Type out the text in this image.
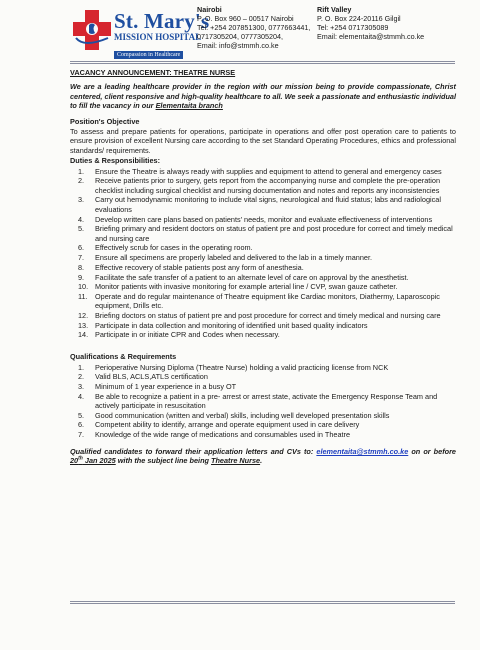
St. Mary's
MISSION HOSPITAL
Compassion in Healthcare
Nairobi
P. O. Box 960 – 00517 Nairobi
Tel: +254 207851300, 0777663441,
0717305204, 0777305204,
Email: info@stmmh.co.ke
Rift Valley
P. O. Box 224-20116 Gilgil
Tel: +254 0717305089
Email: elementaita@stmmh.co.ke
VACANCY ANNOUNCEMENT: THEATRE NURSE
We are a leading healthcare provider in the region with our mission being to provide compassionate, Christ centered, client responsive and high-quality healthcare to all. We seek a passionate and enthusiastic individual to fill the vacancy in our Elementaita branch
Position's Objective
To assess and prepare patients for operations, participate in operations and offer post operation care to patients to ensure provision of excellent Nursing care according to the set Standard Operating Procedures, ethics and professional standards/ requirements.
Duties & Responsibilities:
1. Ensure the Theatre is always ready with supplies and equipment to attend to general and emergency cases
2. Receive patients prior to surgery, gets report from the accompanying nurse and complete the pre-operation checklist including surgical checklist and nursing documentation and notes and reports any inconsistencies
3. Carry out hemodynamic monitoring to include vital signs, neurological and fluid status; labs and radiological evaluations
4. Develop written care plans based on patients' needs, monitor and evaluate effectiveness of interventions
5. Briefing primary and resident doctors on status of patient pre and post procedure for correct and timely medical and nursing care
6. Effectively scrub for cases in the operating room.
7. Ensure all specimens are properly labeled and delivered to the lab in a timely manner.
8. Effective recovery of stable patients post any form of anesthesia.
9. Facilitate the safe transfer of a patient to an alternate level of care on approval by the anesthetist.
10. Monitor patients with invasive monitoring for example arterial line / CVP, swan gauze catheter.
11. Operate and do regular maintenance of Theatre equipment like Cardiac monitors, Diathermy, Laparoscopic equipment, Drills etc.
12. Briefing doctors on status of patient pre and post procedure for correct and timely medical and nursing care
13. Participate in data collection and monitoring of identified unit based quality indicators
14. Participate in or initiate CPR and Codes when necessary.
Qualifications & Requirements
1. Perioperative Nursing Diploma (Theatre Nurse) holding a valid practicing license from NCK
2. Valid BLS, ACLS,ATLS certification
3. Minimum of 1 year experience in a busy OT
4. Be able to recognize a patient in a pre- arrest or arrest state, activate the Emergency Response Team and actively participate in resuscitation
5. Good communication (written and verbal) skills, including well developed presentation skills
6. Competent ability to identify, arrange and operate equipment used in care delivery
7. Knowledge of the wide range of medications and consumables used in Theatre
Qualified candidates to forward their application letters and CVs to: elementaita@stmmh.co.ke on or before 20th Jan 2025 with the subject line being Theatre Nurse.
